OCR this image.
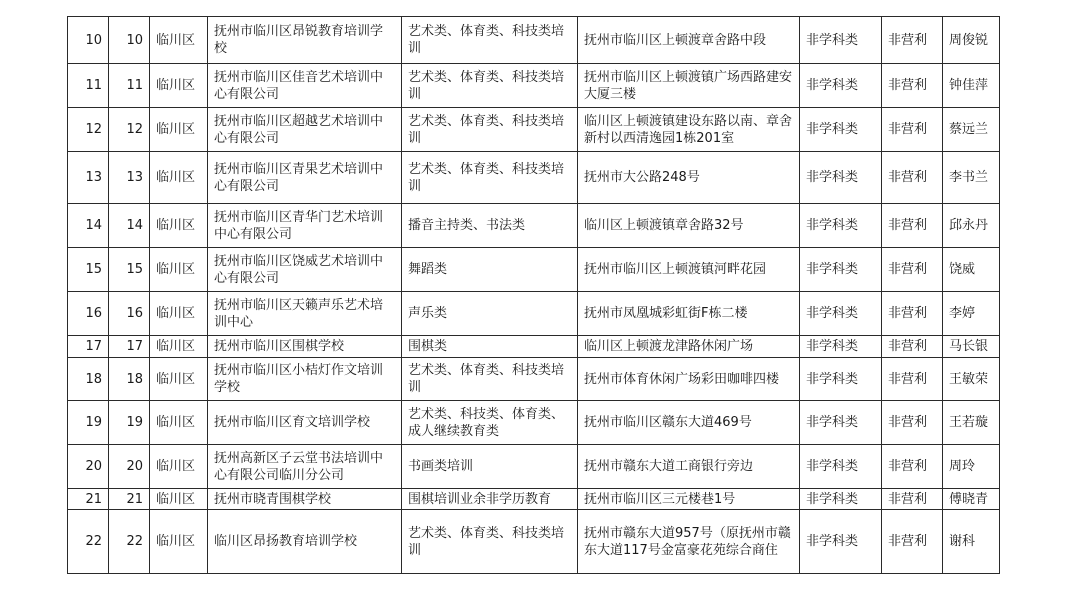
10	10	临川区	抚州市临川区昂锐教育培训学校	艺术类、体育类、科技类培训	抚州市临川区上顿渡章舍路中段	非学科类	非营利	周俊锐
11	11	临川区	抚州市临川区佳音艺术培训中心有限公司	艺术类、体育类、科技类培训	抚州市临川区上顿渡镇广场西路建安大厦三楼	非学科类	非营利	钟佳萍
12	12	临川区	抚州市临川区超越艺术培训中心有限公司	艺术类、体育类、科技类培训	临川区上顿渡镇建设东路以南、章舍新村以西清逸园1栋201室	非学科类	非营利	蔡远兰
13	13	临川区	抚州市临川区青果艺术培训中心有限公司	艺术类、体育类、科技类培训	抚州市大公路248号	非学科类	非营利	李书兰
14	14	临川区	抚州市临川区青华门艺术培训中心有限公司	播音主持类、书法类	临川区上顿渡镇章舍路32号	非学科类	非营利	邱永丹
15	15	临川区	抚州市临川区饶威艺术培训中心有限公司	舞蹈类	抚州市临川区上顿渡镇河畔花园	非学科类	非营利	饶威
16	16	临川区	抚州市临川区天籁声乐艺术培训中心	声乐类	抚州市凤凰城彩虹街F栋二楼	非学科类	非营利	李婷
17	17	临川区	抚州市临川区围棋学校	围棋类	临川区上顿渡龙津路休闲广场	非学科类	非营利	马长银
18	18	临川区	抚州市临川区小桔灯作文培训学校	艺术类、体育类、科技类培训	抚州市体育休闲广场彩田咖啡四楼	非学科类	非营利	王敏荣
19	19	临川区	抚州市临川区育文培训学校	艺术类、科技类、体育类、成人继续教育类	抚州市临川区赣东大道469号	非学科类	非营利	王若璇
20	20	临川区	抚州高新区子云堂书法培训中心有限公司临川分公司	书画类培训	抚州市赣东大道工商银行旁边	非学科类	非营利	周玲
21	21	临川区	抚州市晓青围棋学校	围棋培训业余非学历教育	抚州市临川区三元楼巷1号	非学科类	非营利	傅晓青
22	22	临川区	临川区昂扬教育培训学校	艺术类、体育类、科技类培训	抚州市赣东大道957号（原抚州市赣东大道117号金富豪花苑综合商住	非学科类	非营利	谢科
